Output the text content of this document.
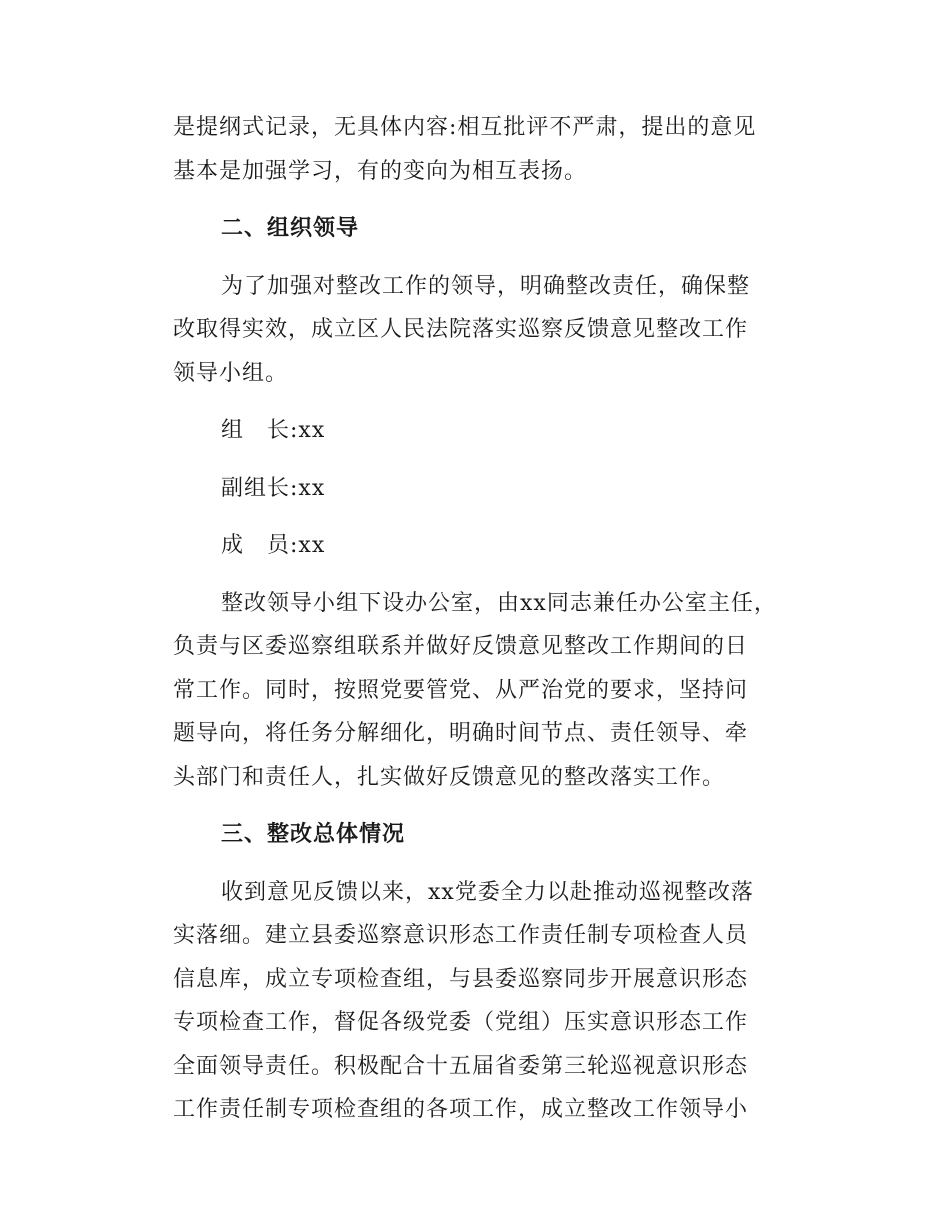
是提纲式记录，无具体内容:相互批评不严肃，提出的意见
基本是加强学习，有的变向为相互表扬。
二、组织领导
为了加强对整改工作的领导，明确整改责任，确保整
改取得实效，成立区人民法院落实巡察反馈意见整改工作
领导小组。
组　长:xx
副组长:xx
成　员:xx
整改领导小组下设办公室，由xx同志兼任办公室主任，
负责与区委巡察组联系并做好反馈意见整改工作期间的日
常工作。同时，按照党要管党、从严治党的要求，坚持问
题导向，将任务分解细化，明确时间节点、责任领导、牵
头部门和责任人，扎实做好反馈意见的整改落实工作。
三、整改总体情况
收到意见反馈以来，xx党委全力以赴推动巡视整改落
实落细。建立县委巡察意识形态工作责任制专项检查人员
信息库，成立专项检查组，与县委巡察同步开展意识形态
专项检查工作，督促各级党委（党组）压实意识形态工作
全面领导责任。积极配合十五届省委第三轮巡视意识形态
工作责任制专项检查组的各项工作，成立整改工作领导小
